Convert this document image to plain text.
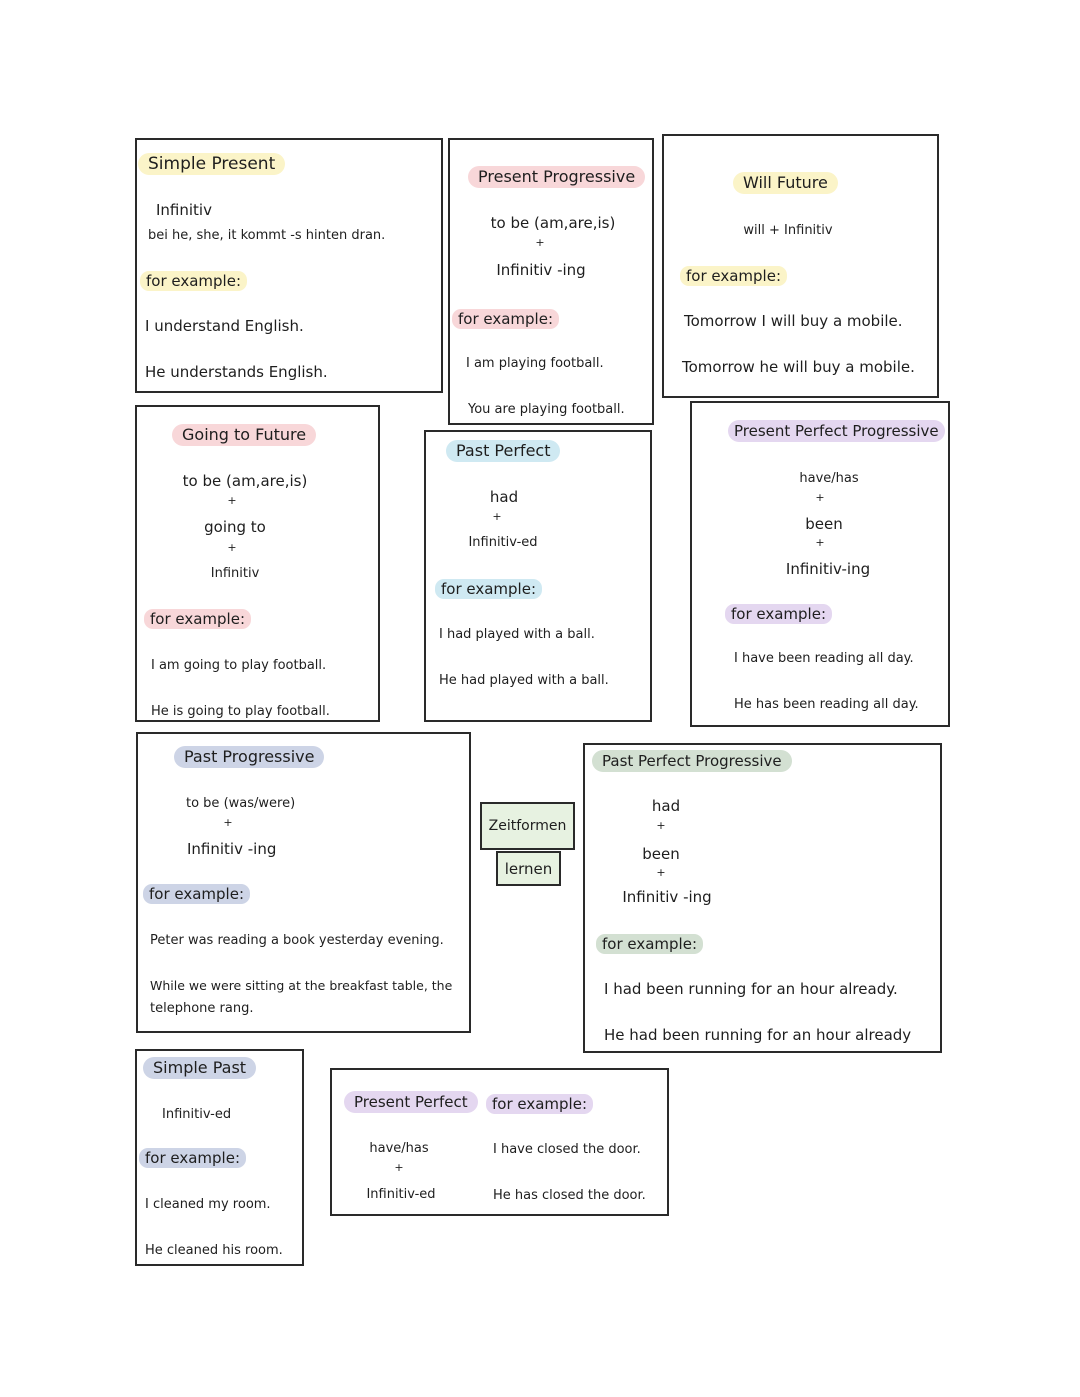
Simple Present
Infinitiv
bei he, she, it kommt -s hinten dran.
for example:
I understand English.
He understands English.
Present Progressive
to be (am,are,is)
+
Infinitiv -ing
for example:
I am playing football.
You are playing football.
Will Future
will + Infinitiv
for example:
Tomorrow I will buy a mobile.
Tomorrow he will buy a mobile.
Going to Future
to be (am,are,is)
+
going to
+
Infinitiv
for example:
I am going to play football.
He is going to play football.
Past Perfect
had
+
Infinitiv-ed
for example:
I had played with a ball.
He had played with a ball.
Present Perfect Progressive
have/has
+
been
+
Infinitiv-ing
for example:
I have been reading all day.
He has been reading all day.
Past Progressive
to be (was/were)
+
Infinitiv -ing
for example:
Peter was reading a book yesterday evening.
While we were sitting at the breakfast table, the
telephone rang.
Zeitformen
lernen
Past Perfect Progressive
had
+
been
+
Infinitiv -ing
for example:
I had been running for an hour already.
He had been running for an hour already
Simple Past
Infinitiv-ed
for example:
I cleaned my room.
He cleaned his room.
Present Perfect
have/has
+
Infinitiv-ed
for example:
I have closed the door.
He has closed the door.
